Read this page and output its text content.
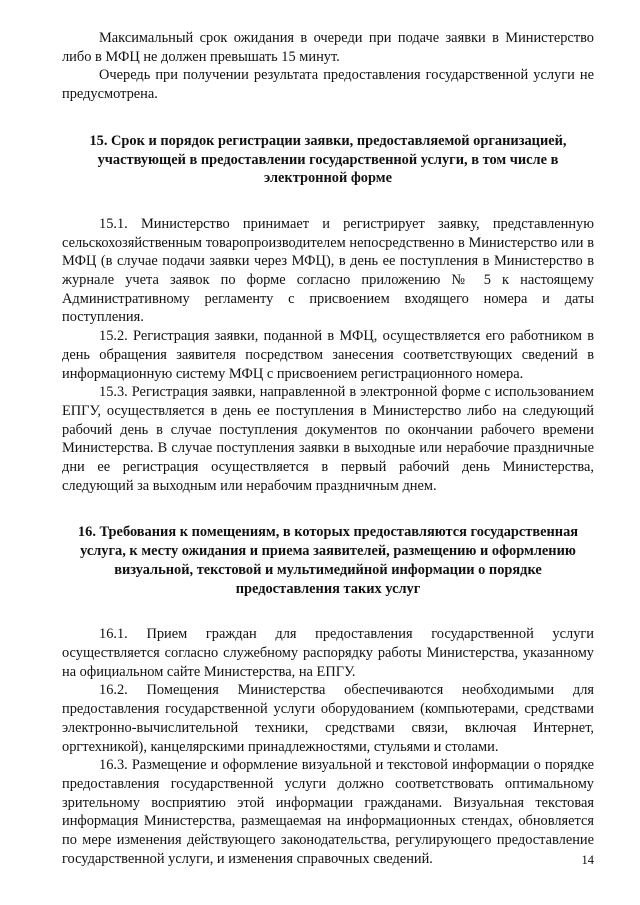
Максимальный срок ожидания в очереди при подаче заявки в Министерство либо в МФЦ не должен превышать 15 минут.

Очередь при получении результата предоставления государственной услуги не предусмотрена.

15. Срок и порядок регистрации заявки, предоставляемой организацией, участвующей в предоставлении государственной услуги, в том числе в электронной форме

15.1. Министерство принимает и регистрирует заявку, представленную сельскохозяйственным товаропроизводителем непосредственно в Министерство или в МФЦ (в случае подачи заявки через МФЦ), в день ее поступления в Министерство в журнале учета заявок по форме согласно приложению № 5 к настоящему Административному регламенту с присвоением входящего номера и даты поступления.

15.2. Регистрация заявки, поданной в МФЦ, осуществляется его работником в день обращения заявителя посредством занесения соответствующих сведений в информационную систему МФЦ с присвоением регистрационного номера.

15.3. Регистрация заявки, направленной в электронной форме с использованием ЕПГУ, осуществляется в день ее поступления в Министерство либо на следующий рабочий день в случае поступления документов по окончании рабочего времени Министерства. В случае поступления заявки в выходные или нерабочие праздничные дни ее регистрация осуществляется в первый рабочий день Министерства, следующий за выходным или нерабочим праздничным днем.

16. Требования к помещениям, в которых предоставляются государственная услуга, к месту ожидания и приема заявителей, размещению и оформлению визуальной, текстовой и мультимедийной информации о порядке предоставления таких услуг

16.1. Прием граждан для предоставления государственной услуги осуществляется согласно служебному распорядку работы Министерства, указанному на официальном сайте Министерства, на ЕПГУ.

16.2. Помещения Министерства обеспечиваются необходимыми для предоставления государственной услуги оборудованием (компьютерами, средствами электронно-вычислительной техники, средствами связи, включая Интернет, оргтехникой), канцелярскими принадлежностями, стульями и столами.

16.3. Размещение и оформление визуальной и текстовой информации о порядке предоставления государственной услуги должно соответствовать оптимальному зрительному восприятию этой информации гражданами. Визуальная текстовая информация Министерства, размещаемая на информационных стендах, обновляется по мере изменения действующего законодательства, регулирующего предоставление государственной услуги, и изменения справочных сведений.	14
